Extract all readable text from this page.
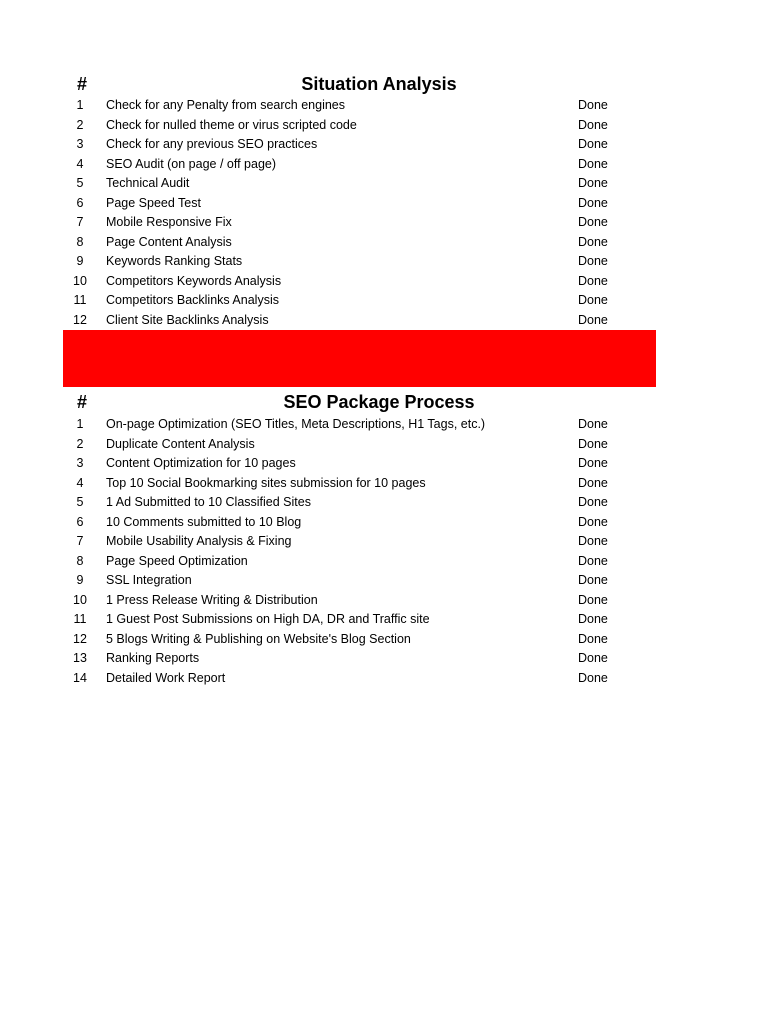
#	Situation Analysis
1	Check for any Penalty from search engines	Done
2	Check for nulled theme or virus scripted code	Done
3	Check for any previous SEO practices	Done
4	SEO Audit (on page / off page)	Done
5	Technical Audit	Done
6	Page Speed Test	Done
7	Mobile Responsive Fix	Done
8	Page Content Analysis	Done
9	Keywords Ranking Stats	Done
10	Competitors Keywords Analysis	Done
11	Competitors Backlinks Analysis	Done
12	Client Site Backlinks Analysis	Done
#	SEO Package Process
1	On-page Optimization (SEO Titles, Meta Descriptions, H1 Tags, etc.)	Done
2	Duplicate Content Analysis	Done
3	Content Optimization for 10 pages	Done
4	Top 10 Social Bookmarking sites submission for 10 pages	Done
5	1 Ad Submitted to 10 Classified Sites	Done
6	10 Comments submitted to 10 Blog	Done
7	Mobile Usability Analysis & Fixing	Done
8	Page Speed Optimization	Done
9	SSL Integration	Done
10	1 Press Release Writing & Distribution	Done
11	1 Guest Post Submissions on High DA, DR and Traffic site	Done
12	5 Blogs Writing & Publishing on Website's Blog Section	Done
13	Ranking Reports	Done
14	Detailed Work Report	Done
